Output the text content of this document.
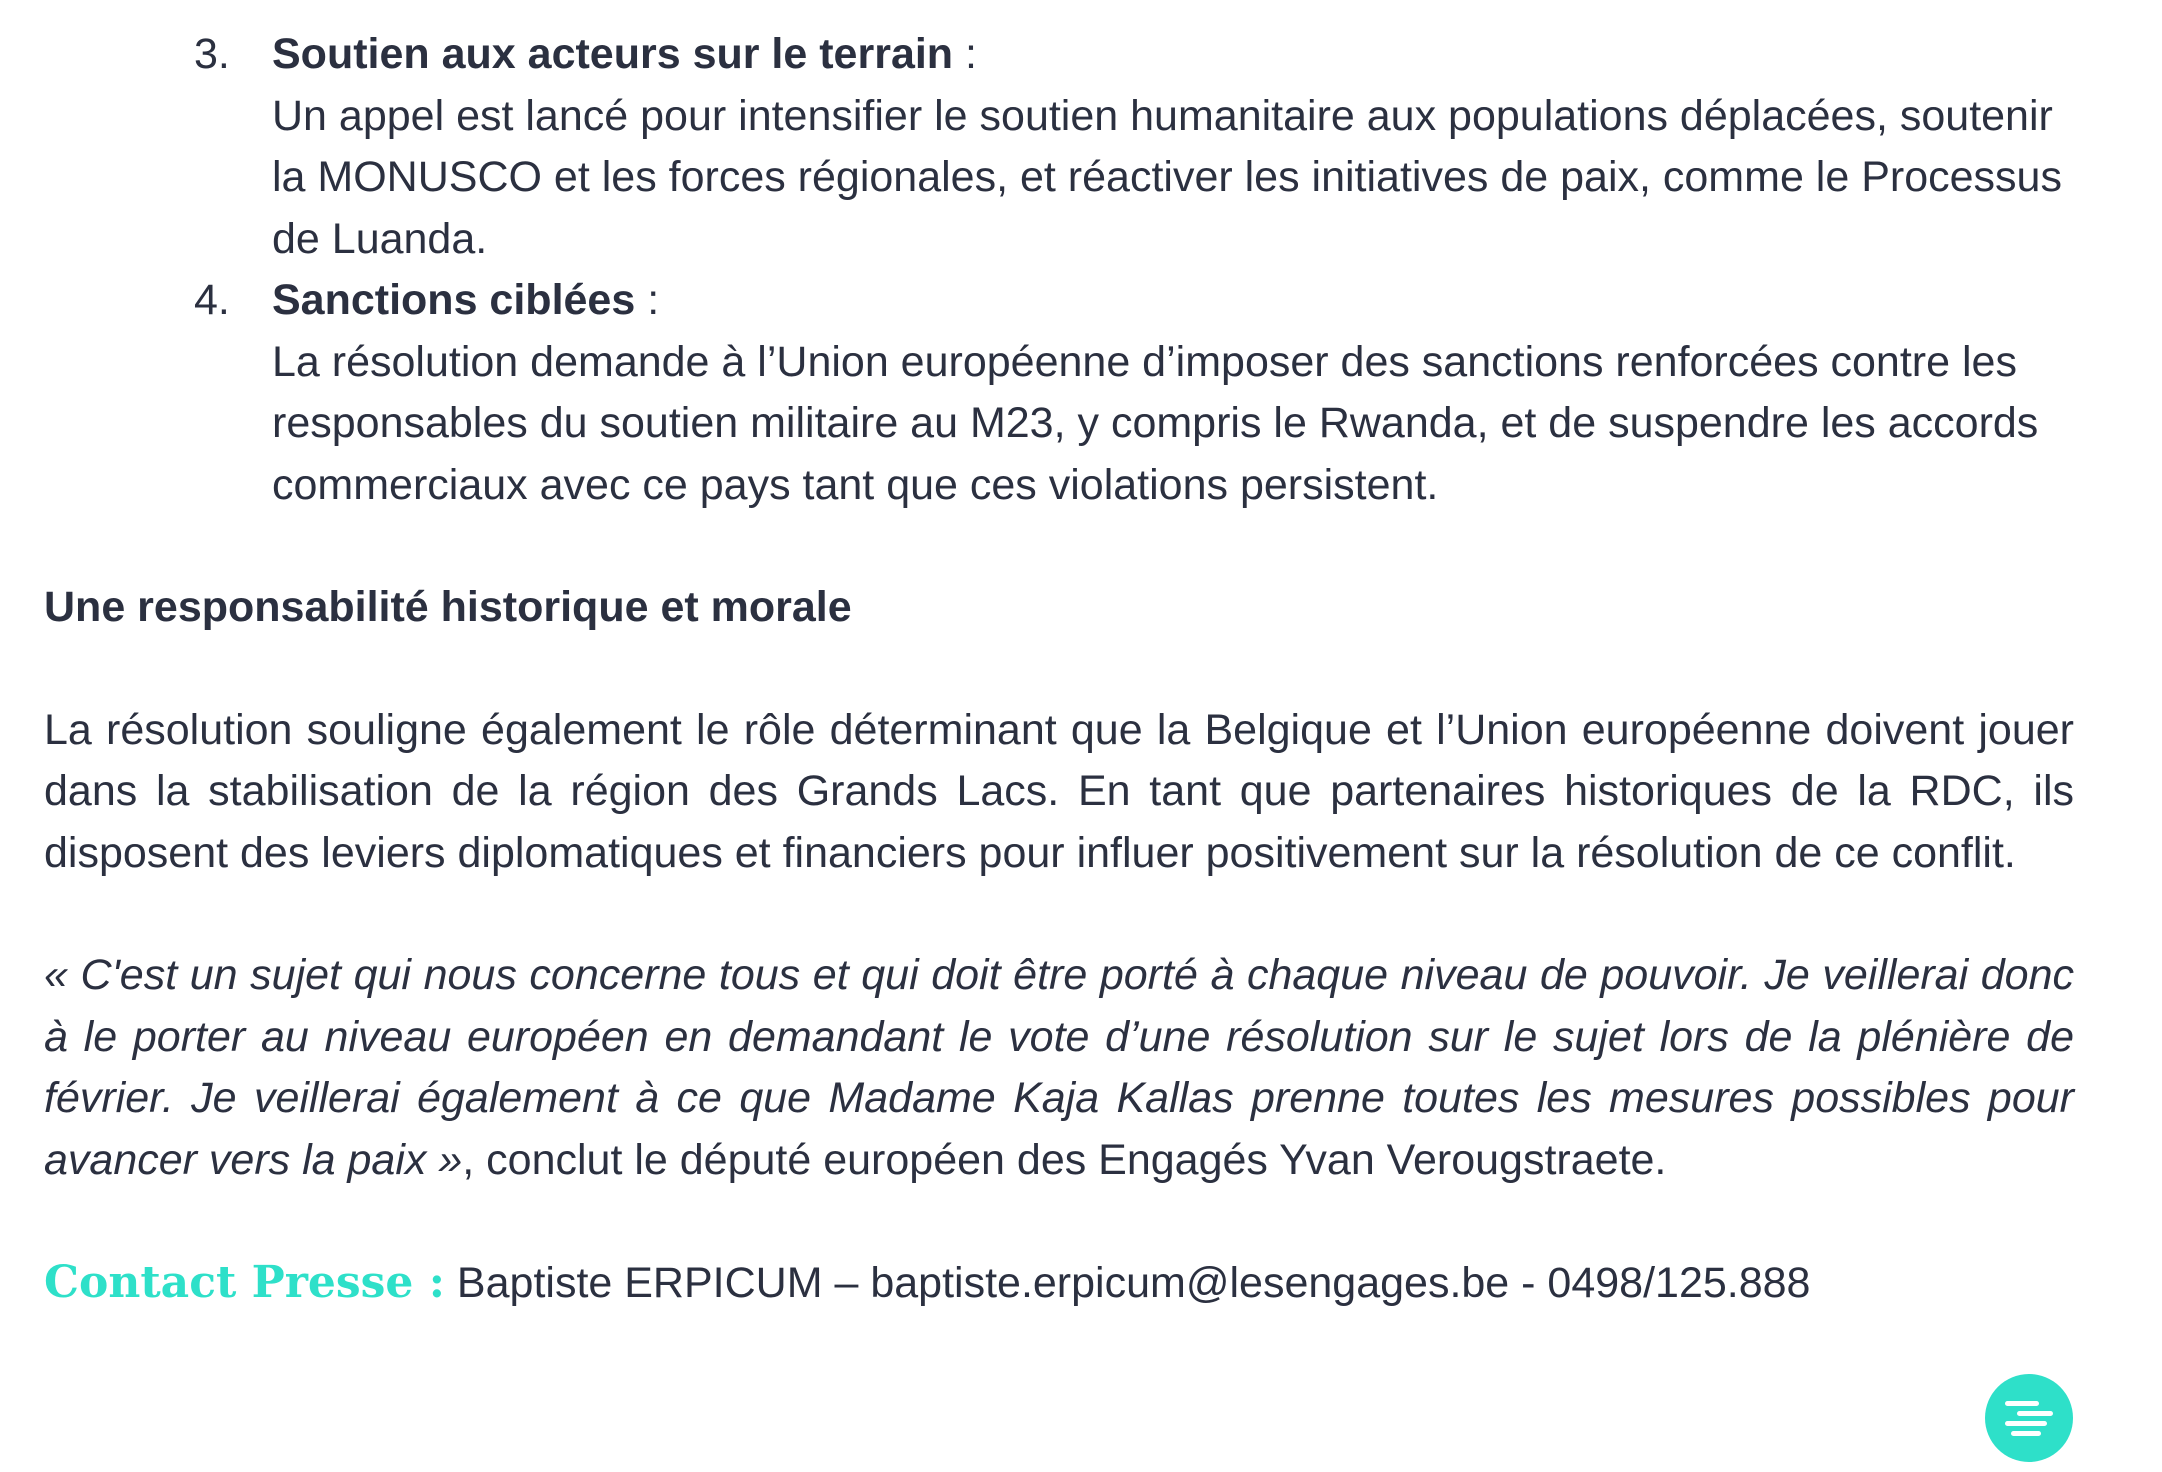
3. Soutien aux acteurs sur le terrain :
Un appel est lancé pour intensifier le soutien humanitaire aux populations déplacées, soutenir la MONUSCO et les forces régionales, et réactiver les initiatives de paix, comme le Processus de Luanda.
4. Sanctions ciblées :
La résolution demande à l’Union européenne d’imposer des sanctions renforcées contre les responsables du soutien militaire au M23, y compris le Rwanda, et de suspendre les accords commerciaux avec ce pays tant que ces violations persistent.
Une responsabilité historique et morale
La résolution souligne également le rôle déterminant que la Belgique et l’Union européenne doivent jouer dans la stabilisation de la région des Grands Lacs. En tant que partenaires historiques de la RDC, ils disposent des leviers diplomatiques et financiers pour influer positivement sur la résolution de ce conflit.
« C'est un sujet qui nous concerne tous et qui doit être porté à chaque niveau de pouvoir. Je veillerai donc à le porter au niveau européen en demandant le vote d’une résolution sur le sujet lors de la plénière de février. Je veillerai également à ce que Madame Kaja Kallas prenne toutes les mesures possibles pour avancer vers la paix », conclut le député européen des Engagés Yvan Verougstraete.
Contact Presse : Baptiste ERPICUM – baptiste.erpicum@lesengages.be - 0498/125.888
